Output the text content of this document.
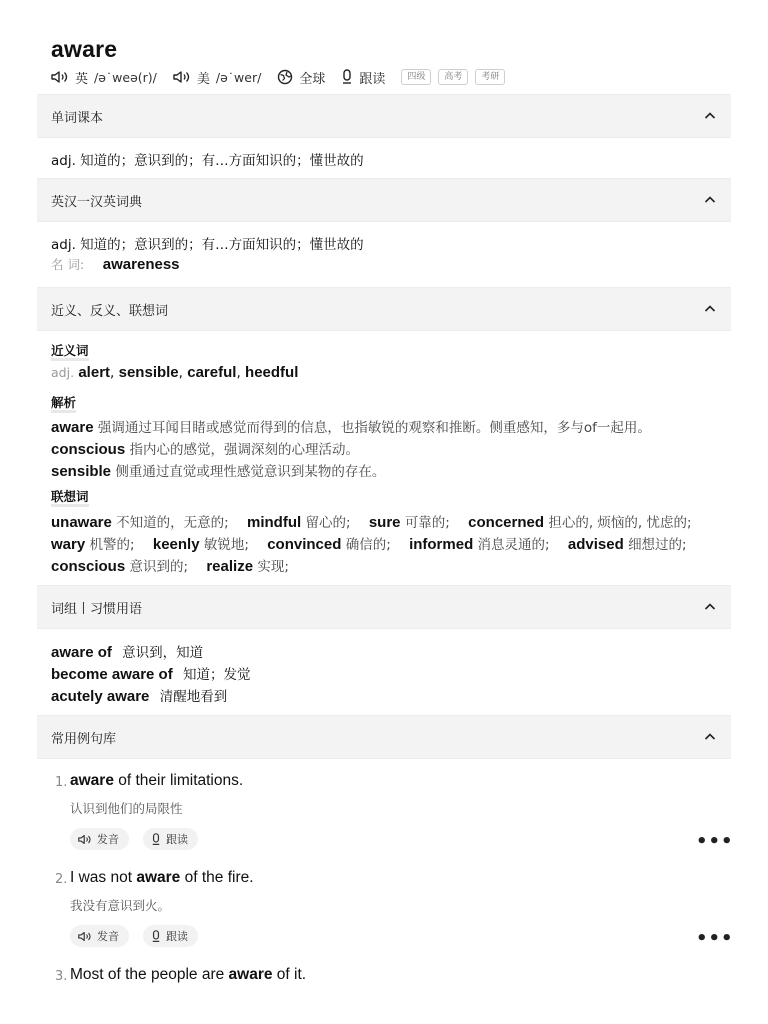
aware
英 /ə˙weə(r)/	美 /ə˙wer/	全球	跟读	四级	高考	考研
单词课本
adj. 知道的；意识到的；有…方面知识的；懂世故的
英汉一汉英词典
adj. 知道的；意识到的；有…方面知识的；懂世故的
名 词: awareness
近义、反义、联想词
近义词
adj. alert, sensible, careful, heedful
解析
aware 强调通过耳闻目睹或感觉而得到的信息，也指敏锐的观察和推断。侧重感知，多与of一起用。
conscious 指内心的感觉，强调深刻的心理活动。
sensible 侧重通过直觉或理性感觉意识到某物的存在。
联想词
unaware 不知道的，无意的; mindful 留心的; sure 可靠的; concerned 担心的, 烦恼的, 忧虑的;
wary 机警的; keenly 敏锐地; convinced 确信的; informed 消息灵通的; advised 细想过的;
conscious 意识到的; realize 实现;
词组丨习惯用语
aware of 意识到，知道
become aware of 知道；发觉
acutely aware 清醒地看到
常用例句库
1. aware of their limitations.
认识到他们的局限性
发音	跟读	•••
2. I was not aware of the fire.
我没有意识到火。
发音	跟读	•••
3. Most of the people are aware of it.
